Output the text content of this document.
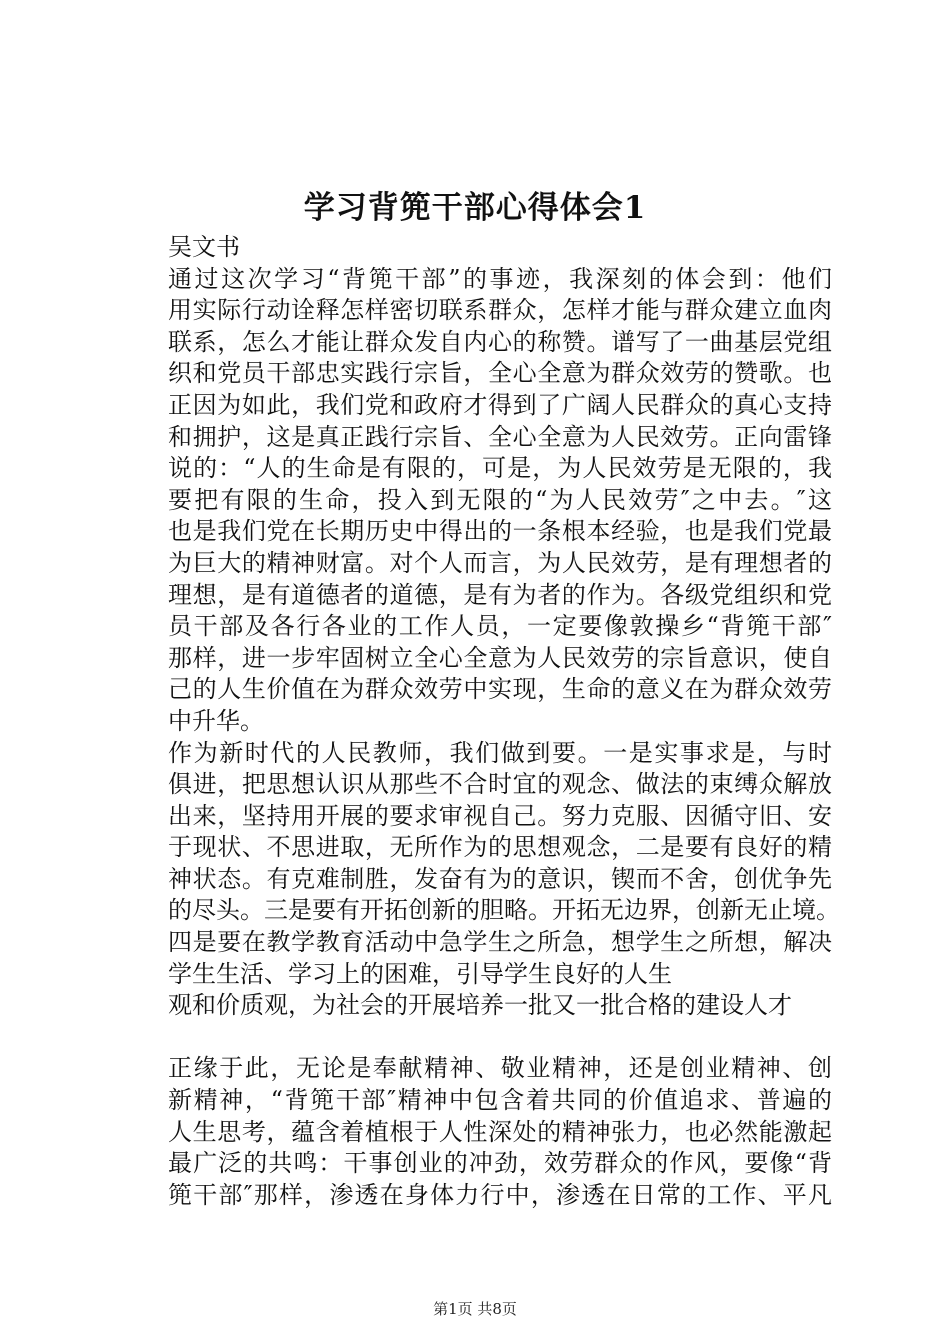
学习背篼干部心得体会1

吴文书

通过这次学习“背篼干部”的事迹，我深刻的体会到：他们
用实际行动诠释怎样密切联系群众，怎样才能与群众建立血肉
联系，怎么才能让群众发自内心的称赞。谱写了一曲基层党组
织和党员干部忠实践行宗旨，全心全意为群众效劳的赞歌。也
正因为如此，我们党和政府才得到了广阔人民群众的真心支持
和拥护，这是真正践行宗旨、全心全意为人民效劳。正向雷锋
说的：“人的生命是有限的，可是，为人民效劳是无限的，我
要把有限的生命，投入到无限的“为人民效劳″之中去。″这
也是我们党在长期历史中得出的一条根本经验，也是我们党最
为巨大的精神财富。对个人而言，为人民效劳，是有理想者的
理想，是有道德者的道德，是有为者的作为。各级党组织和党
员干部及各行各业的工作人员，一定要像敦操乡“背篼干部″
那样，进一步牢固树立全心全意为人民效劳的宗旨意识，使自
己的人生价值在为群众效劳中实现，生命的意义在为群众效劳
中升华。
作为新时代的人民教师，我们做到要。一是实事求是，与时
俱进，把思想认识从那些不合时宜的观念、做法的束缚众解放
出来，坚持用开展的要求审视自己。努力克服、因循守旧、安
于现状、不思进取，无所作为的思想观念，二是要有良好的精
神状态。有克难制胜，发奋有为的意识，锲而不舍，创优争先
的尽头。三是要有开拓创新的胆略。开拓无边界，创新无止境。
四是要在教学教育活动中急学生之所急，想学生之所想，解决
学生生活、学习上的困难，引导学生良好的人生
观和价质观，为社会的开展培养一批又一批合格的建设人才
正缘于此，无论是奉献精神、敬业精神，还是创业精神、创
新精神，“背篼干部″精神中包含着共同的价值追求、普遍的
人生思考，蕴含着植根于人性深处的精神张力，也必然能激起
最广泛的共鸣：干事创业的冲劲，效劳群众的作风，要像“背
篼干部″那样，渗透在身体力行中，渗透在日常的工作、平凡
第1页 共8页
